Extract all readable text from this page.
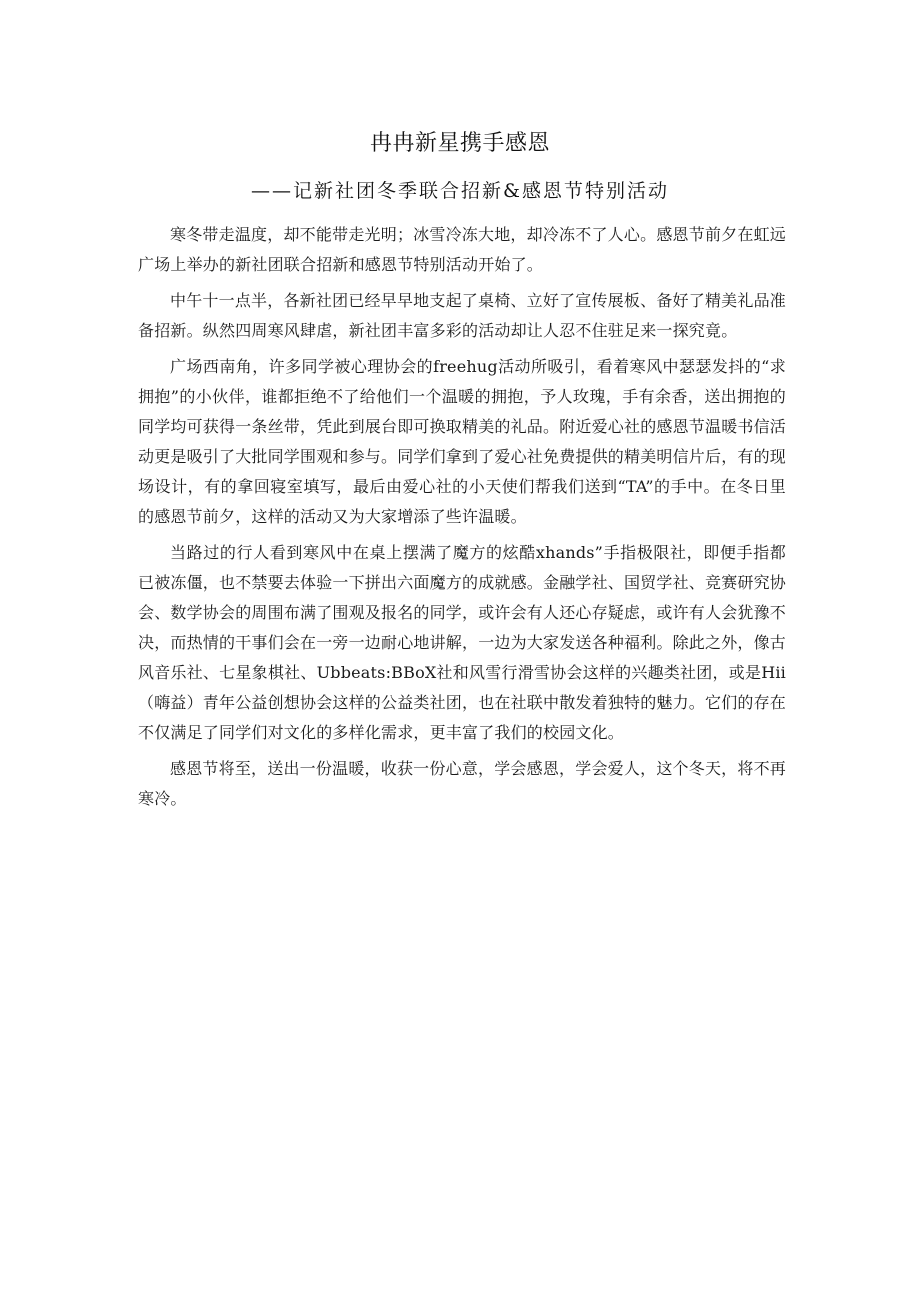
冉冉新星携手感恩
——记新社团冬季联合招新&感恩节特别活动

寒冬带走温度，却不能带走光明；冰雪冷冻大地，却冷冻不了人心。感恩节前夕在虹远广场上举办的新社团联合招新和感恩节特别活动开始了。

中午十一点半，各新社团已经早早地支起了桌椅、立好了宣传展板、备好了精美礼品准备招新。纵然四周寒风肆虐，新社团丰富多彩的活动却让人忍不住驻足来一探究竟。

广场西南角，许多同学被心理协会的freehug活动所吸引，看着寒风中瑟瑟发抖的“求拥抱”的小伙伴，谁都拒绝不了给他们一个温暖的拥抱，予人玫瑰，手有余香，送出拥抱的同学均可获得一条丝带，凭此到展台即可换取精美的礼品。附近爱心社的感恩节温暖书信活动更是吸引了大批同学围观和参与。同学们拿到了爱心社免费提供的精美明信片后，有的现场设计，有的拿回寝室填写，最后由爱心社的小天使们帮我们送到“TA”的手中。在冬日里的感恩节前夕，这样的活动又为大家增添了些许温暖。

当路过的行人看到寒风中在桌上摆满了魔方的炫酷xhands”手指极限社，即便手指都已被冻僵，也不禁要去体验一下拼出六面魔方的成就感。金融学社、国贸学社、竞赛研究协会、数学协会的周围布满了围观及报名的同学，或许会有人还心存疑虑，或许有人会犹豫不决，而热情的干事们会在一旁一边耐心地讲解，一边为大家发送各种福利。除此之外，像古风音乐社、七星象棋社、Ubbeats:BBoX社和风雪行滑雪协会这样的兴趣类社团，或是Hii（嗨益）青年公益创想协会这样的公益类社团，也在社联中散发着独特的魅力。它们的存在不仅满足了同学们对文化的多样化需求，更丰富了我们的校园文化。

感恩节将至，送出一份温暖，收获一份心意，学会感恩，学会爱人，这个冬天，将不再寒冷。
